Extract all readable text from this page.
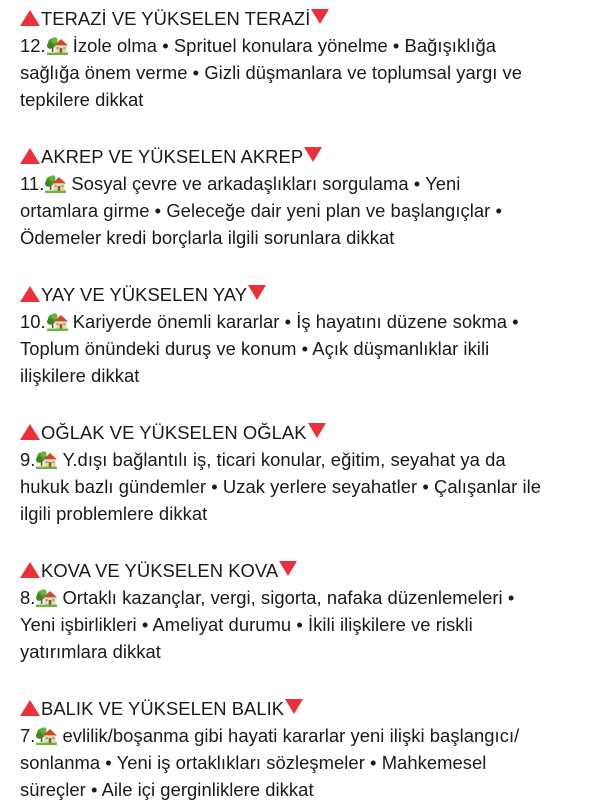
TERAZİ VE YÜKSELEN TERAZİ
12. İzole olma • Sprituel konulara yönelme • Bağışıklığa
sağlığa önem verme • Gizli düşmanlara ve toplumsal yargı ve
tepkilere dikkat
AKREP VE YÜKSELEN AKREP
11. Sosyal çevre ve arkadaşlıkları sorgulama • Yeni
ortamlara girme • Geleceğe dair yeni plan ve başlangıçlar •
Ödemeler kredi borçlarla ilgili sorunlara dikkat
YAY VE YÜKSELEN YAY
10. Kariyerde önemli kararlar • İş hayatını düzene sokma •
Toplum önündeki duruş ve konum • Açık düşmanlıklar ikili
ilişkilere dikkat
OĞLAK VE YÜKSELEN OĞLAK
9. Y.dışı bağlantılı iş, ticari konular, eğitim, seyahat ya da
hukuk bazlı gündemler • Uzak yerlere seyahatler • Çalışanlar ile
ilgili problemlere dikkat
KOVA VE YÜKSELEN KOVA
8. Ortaklı kazançlar, vergi, sigorta, nafaka düzenlemeleri •
Yeni işbirlikleri • Ameliyat durumu • İkili ilişkilere ve riskli
yatırımlara dikkat
BALIK VE YÜKSELEN BALIK
7. evlilik/boşanma gibi hayati kararlar yeni ilişki başlangıcı/
sonlanma • Yeni iş ortaklıkları sözleşmeler • Mahkemesel
süreçler • Aile içi gerginliklere dikkat
